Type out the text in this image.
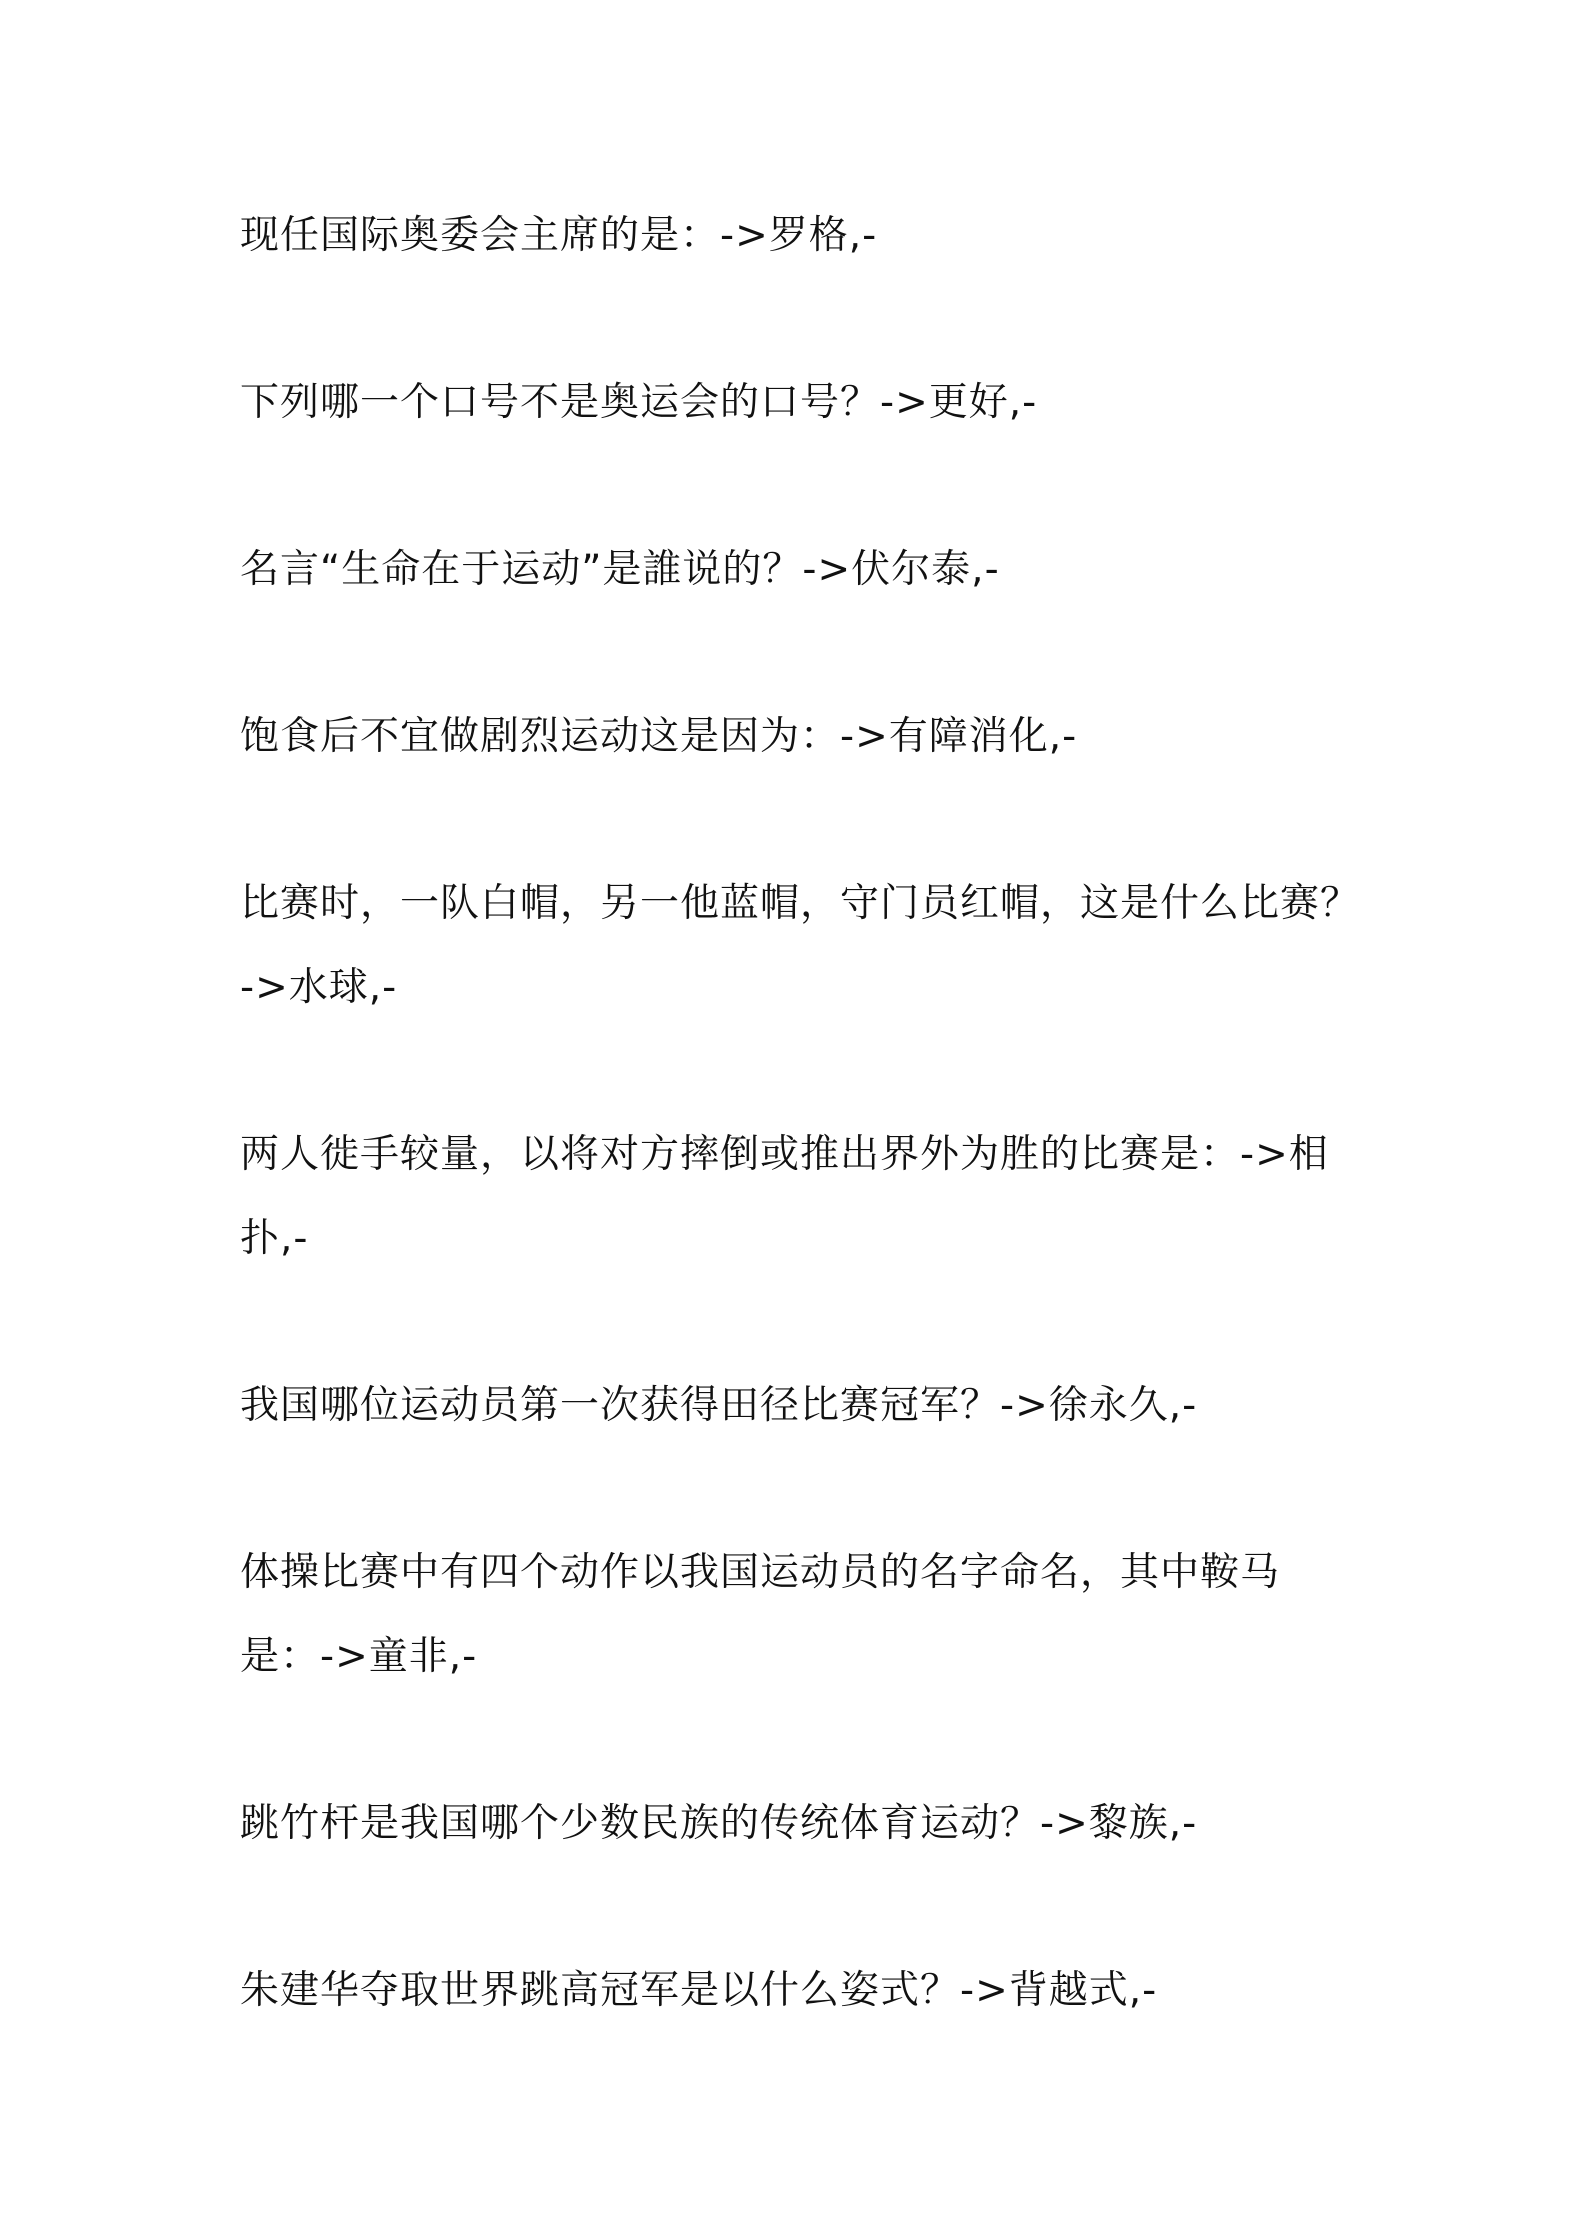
现任国际奥委会主席的是：->罗格,-

下列哪一个口号不是奥运会的口号？->更好,-

名言“生命在于运动”是誰说的？->伏尔泰,-

饱食后不宜做剧烈运动这是因为：->有障消化,-

比赛时，一队白帽，另一他蓝帽，守门员红帽，这是什么比赛？->水球,-

两人徙手较量，以将对方摔倒或推出界外为胜的比赛是：->相扑,-

我国哪位运动员第一次获得田径比赛冠军？->徐永久,-

体操比赛中有四个动作以我国运动员的名字命名，其中鞍马是：->童非,-

跳竹杆是我国哪个少数民族的传统体育运动？->黎族,-

朱建华夺取世界跳高冠军是以什么姿式？->背越式,-
